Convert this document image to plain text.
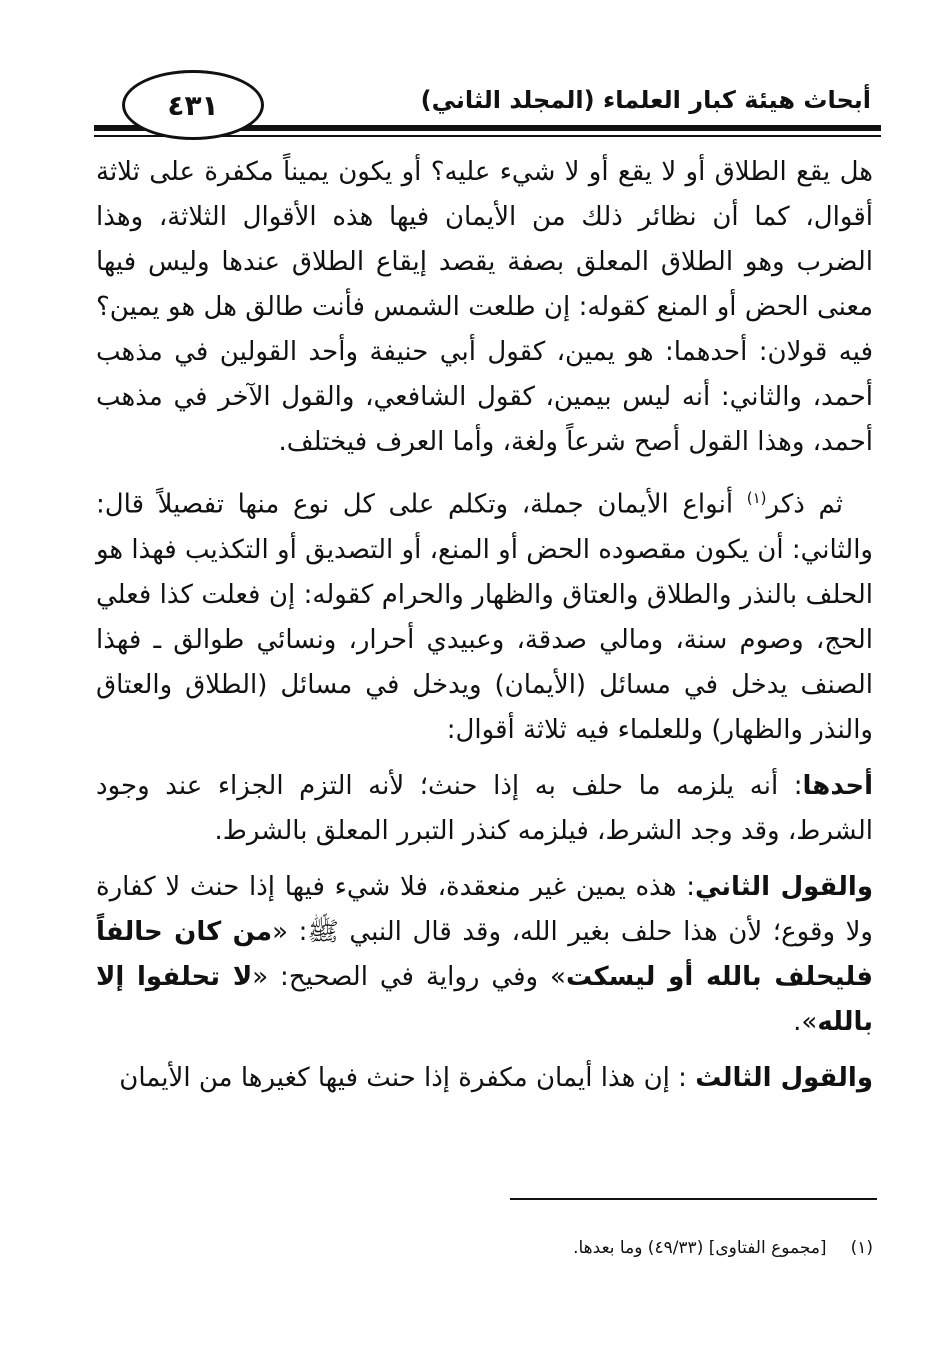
٤٣١	أبحاث هيئة كبار العلماء (المجلد الثاني)

هل يقع الطلاق أو لا يقع أو لا شيء عليه؟ أو يكون يميناً مكفرة على ثلاثة أقوال، كما أن نظائر ذلك من الأيمان فيها هذه الأقوال الثلاثة، وهذا الضرب وهو الطلاق المعلق بصفة يقصد إيقاع الطلاق عندها وليس فيها معنى الحض أو المنع كقوله: إن طلعت الشمس فأنت طالق هل هو يمين؟ فيه قولان: أحدهما: هو يمين، كقول أبي حنيفة وأحد القولين في مذهب أحمد، والثاني: أنه ليس بيمين، كقول الشافعي، والقول الآخر في مذهب أحمد، وهذا القول أصح شرعاً ولغة، وأما العرف فيختلف.

ثم ذكر$^{(١)}$ أنواع الأيمان جملة، وتكلم على كل نوع منها تفصيلاً قال: والثاني: أن يكون مقصوده الحض أو المنع، أو التصديق أو التكذيب فهذا هو الحلف بالنذر والطلاق والعتاق والظهار والحرام كقوله: إن فعلت كذا فعلي الحج، وصوم سنة، ومالي صدقة، وعبيدي أحرار، ونسائي طوالق ـ فهذا الصنف يدخل في مسائل (الأيمان) ويدخل في مسائل (الطلاق والعتاق والنذر والظهار) وللعلماء فيه ثلاثة أقوال:

أحدها: أنه يلزمه ما حلف به إذا حنث؛ لأنه التزم الجزاء عند وجود الشرط، وقد وجد الشرط، فيلزمه كنذر التبرر المعلق بالشرط.

والقول الثاني: هذه يمين غير منعقدة، فلا شيء فيها إذا حنث لا كفارة ولا وقوع؛ لأن هذا حلف بغير الله، وقد قال النبي ﷺ: «من كان حالفاً فليحلف بالله أو ليسكت» وفي رواية في الصحيح: «لا تحلفوا إلا بالله».

والقول الثالث : إن هذا أيمان مكفرة إذا حنث فيها كغيرها من الأيمان

(١)[مجموع الفتاوى] (٤٩/٣٣) وما بعدها.
